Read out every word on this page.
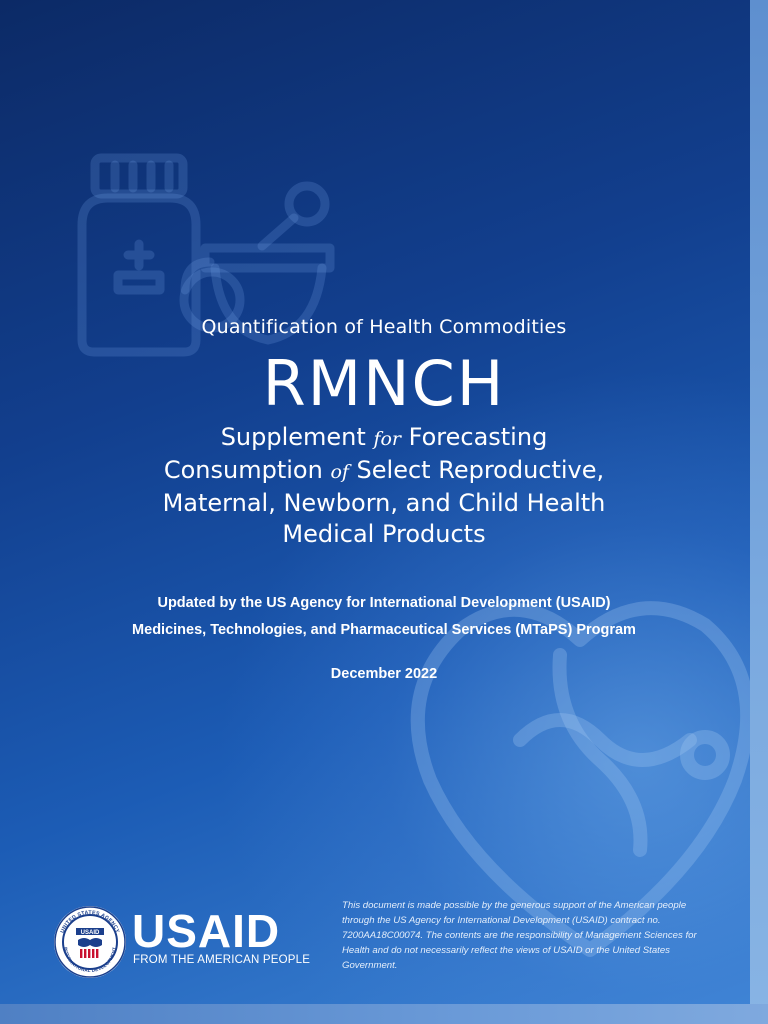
Quantification of Health Commodities
RMNCH
Supplement for Forecasting
Consumption of Select Reproductive,
Maternal, Newborn, and Child Health
Medical Products
Updated by the US Agency for International Development (USAID)
Medicines, Technologies, and Pharmaceutical Services (MTaPS) Program
December 2022
UNITED STATES AGENCY
INTERNATIONAL DEVELOPMENT
USAID USAID
FROM THE AMERICAN PEOPLE
This document is made possible by the generous support of the American people through the US Agency for International Development (USAID) contract no. 7200AA18C00074. The contents are the responsibility of Management Sciences for Health and do not necessarily reflect the views of USAID or the United States Government.
